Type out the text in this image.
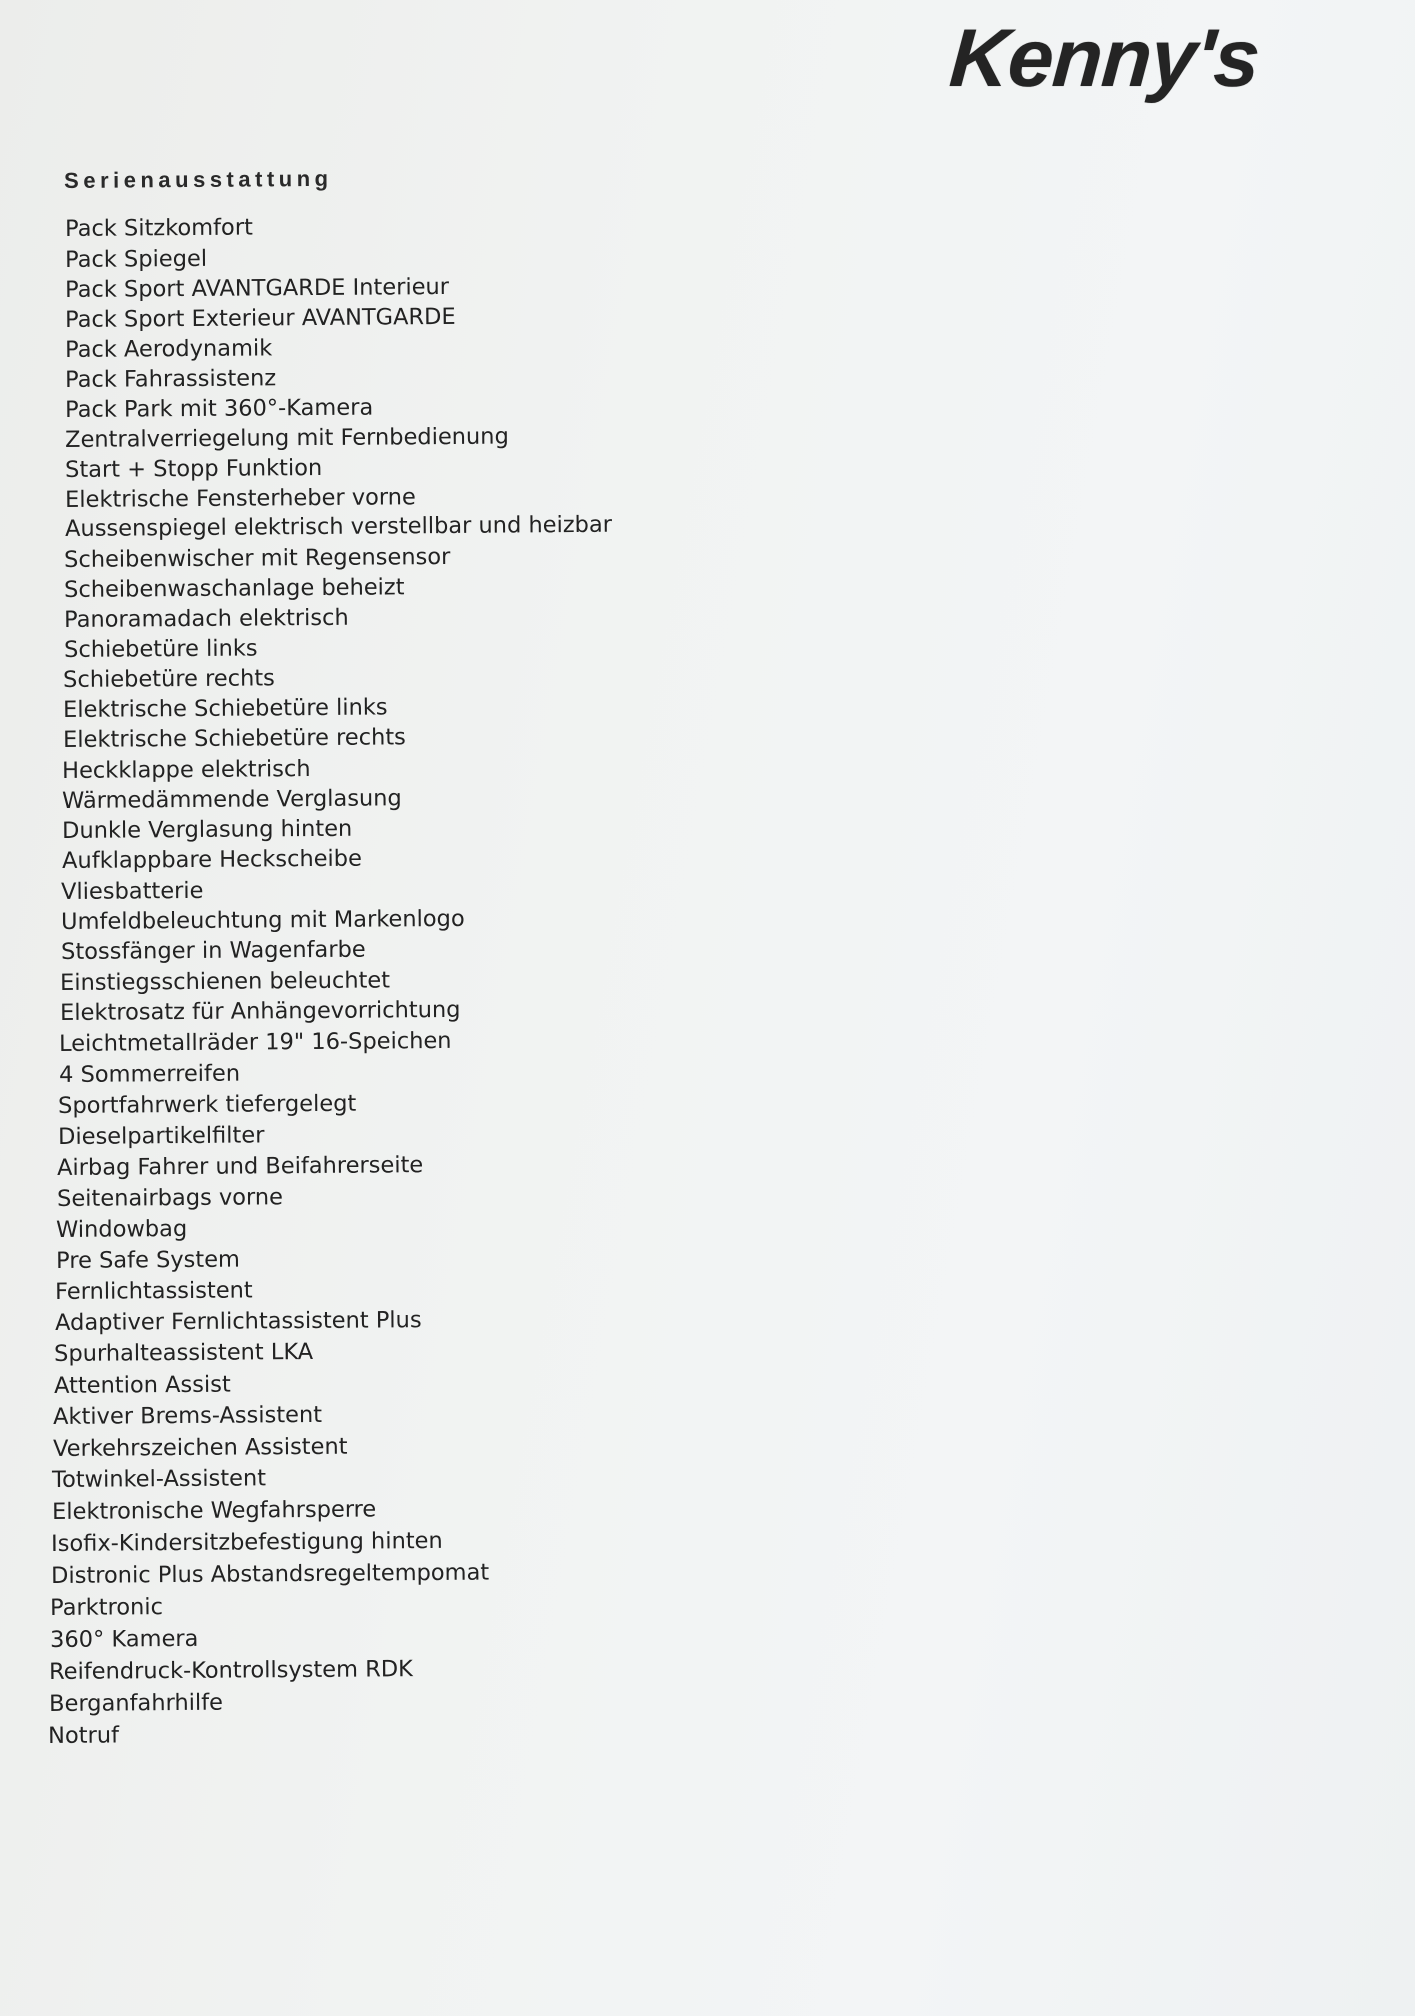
Kenny's
Serienausstattung
Pack Sitzkomfort
Pack Spiegel
Pack Sport AVANTGARDE Interieur
Pack Sport Exterieur AVANTGARDE
Pack Aerodynamik
Pack Fahrassistenz
Pack Park mit 360°-Kamera
Zentralverriegelung mit Fernbedienung
Start + Stopp Funktion
Elektrische Fensterheber vorne
Aussenspiegel elektrisch verstellbar und heizbar
Scheibenwischer mit Regensensor
Scheibenwaschanlage beheizt
Panoramadach elektrisch
Schiebetüre links
Schiebetüre rechts
Elektrische Schiebetüre links
Elektrische Schiebetüre rechts
Heckklappe elektrisch
Wärmedämmende Verglasung
Dunkle Verglasung hinten
Aufklappbare Heckscheibe
Vliesbatterie
Umfeldbeleuchtung mit Markenlogo
Stossfänger in Wagenfarbe
Einstiegsschienen beleuchtet
Elektrosatz für Anhängevorrichtung
Leichtmetallräder 19" 16-Speichen
4 Sommerreifen
Sportfahrwerk tiefergelegt
Dieselpartikelfilter
Airbag Fahrer und Beifahrerseite
Seitenairbags vorne
Windowbag
Pre Safe System
Fernlichtassistent
Adaptiver Fernlichtassistent Plus
Spurhalteassistent LKA
Attention Assist
Aktiver Brems-Assistent
Verkehrszeichen Assistent
Totwinkel-Assistent
Elektronische Wegfahrsperre
Isofix-Kindersitzbefestigung hinten
Distronic Plus Abstandsregeltempomat
Parktronic
360° Kamera
Reifendruck-Kontrollsystem RDK
Berganfahrhilfe
Notruf
